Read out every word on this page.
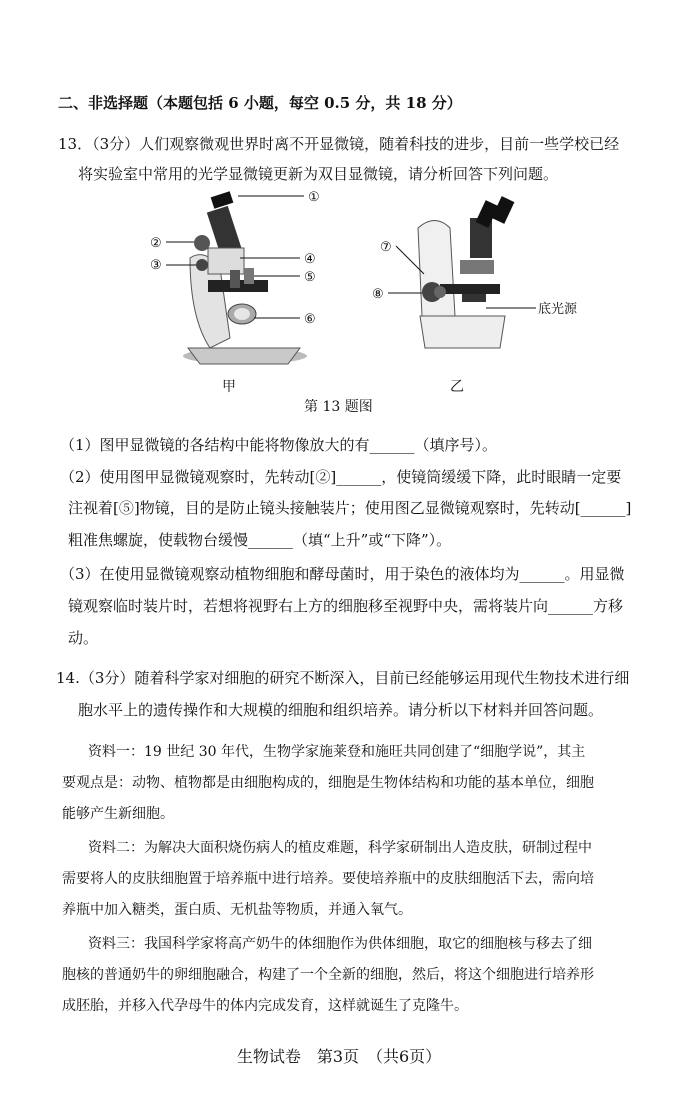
二、非选择题（本题包括 6 小题，每空 0.5 分，共 18 分）
13．（3分）人们观察微观世界时离不开显微镜，随着科技的进步，目前一些学校已经
将实验室中常用的光学显微镜更新为双目显微镜，请分析回答下列问题。
①
②
③	④
⑤
⑥
⑦
⑧
底光源
甲	乙
第 13 题图
（1）图甲显微镜的各结构中能将物像放大的有______（填序号）。
（2）使用图甲显微镜观察时，先转动[②]______，使镜筒缓缓下降，此时眼睛一定要
注视着[⑤]物镜，目的是防止镜头接触装片；使用图乙显微镜观察时，先转动[______]
粗准焦螺旋，使载物台缓慢______（填“上升”或“下降”）。
（3）在使用显微镜观察动植物细胞和酵母菌时，用于染色的液体均为______。用显微
镜观察临时装片时，若想将视野右上方的细胞移至视野中央，需将装片向______方移
动。
14.（3分）随着科学家对细胞的研究不断深入，目前已经能够运用现代生物技术进行细
胞水平上的遗传操作和大规模的细胞和组织培养。请分析以下材料并回答问题。
资料一：19 世纪 30 年代，生物学家施莱登和施旺共同创建了“细胞学说”，其主
要观点是：动物、植物都是由细胞构成的，细胞是生物体结构和功能的基本单位，细胞
能够产生新细胞。
资料二：为解决大面积烧伤病人的植皮难题，科学家研制出人造皮肤，研制过程中
需要将人的皮肤细胞置于培养瓶中进行培养。要使培养瓶中的皮肤细胞活下去，需向培
养瓶中加入糖类，蛋白质、无机盐等物质，并通入氧气。
资料三：我国科学家将高产奶牛的体细胞作为供体细胞，取它的细胞核与移去了细
胞核的普通奶牛的卵细胞融合，构建了一个全新的细胞，然后，将这个细胞进行培养形
成胚胎，并移入代孕母牛的体内完成发育，这样就诞生了克隆牛。
生物试卷　第3页　（共6页）
